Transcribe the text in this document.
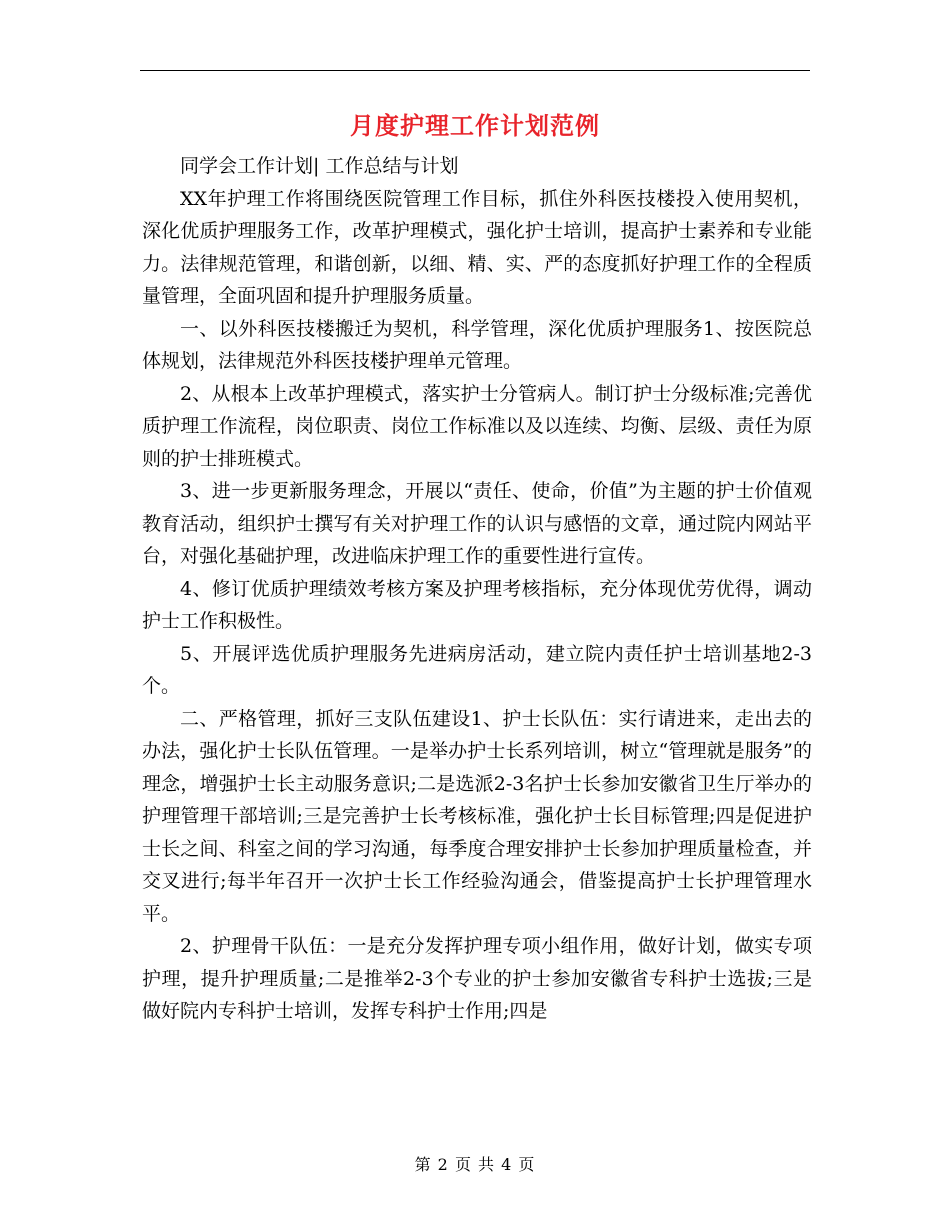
月度护理工作计划范例

同学会工作计划| 工作总结与计划

XX年护理工作将围绕医院管理工作目标，抓住外科医技楼投入使用契机，深化优质护理服务工作，改革护理模式，强化护士培训，提高护士素养和专业能力。法律规范管理，和谐创新，以细、精、实、严的态度抓好护理工作的全程质量管理，全面巩固和提升护理服务质量。

一、以外科医技楼搬迁为契机，科学管理，深化优质护理服务1、按医院总体规划，法律规范外科医技楼护理单元管理。

2、从根本上改革护理模式，落实护士分管病人。制订护士分级标准;完善优质护理工作流程，岗位职责、岗位工作标准以及以连续、均衡、层级、责任为原则的护士排班模式。

3、进一步更新服务理念，开展以“责任、使命，价值”为主题的护士价值观教育活动，组织护士撰写有关对护理工作的认识与感悟的文章，通过院内网站平台，对强化基础护理，改进临床护理工作的重要性进行宣传。

4、修订优质护理绩效考核方案及护理考核指标，充分体现优劳优得，调动护士工作积极性。

5、开展评选优质护理服务先进病房活动，建立院内责任护士培训基地2-3个。

二、严格管理，抓好三支队伍建设1、护士长队伍：实行请进来，走出去的办法，强化护士长队伍管理。一是举办护士长系列培训，树立“管理就是服务”的理念，增强护士长主动服务意识;二是选派2-3名护士长参加安徽省卫生厅举办的护理管理干部培训;三是完善护士长考核标准，强化护士长目标管理;四是促进护士长之间、科室之间的学习沟通，每季度合理安排护士长参加护理质量检查，并交叉进行;每半年召开一次护士长工作经验沟通会，借鉴提高护士长护理管理水平。

2、护理骨干队伍：一是充分发挥护理专项小组作用，做好计划，做实专项护理，提升护理质量;二是推举2-3个专业的护士参加安徽省专科护士选拔;三是做好院内专科护士培训，发挥专科护士作用;四是

第 2 页 共 4 页
